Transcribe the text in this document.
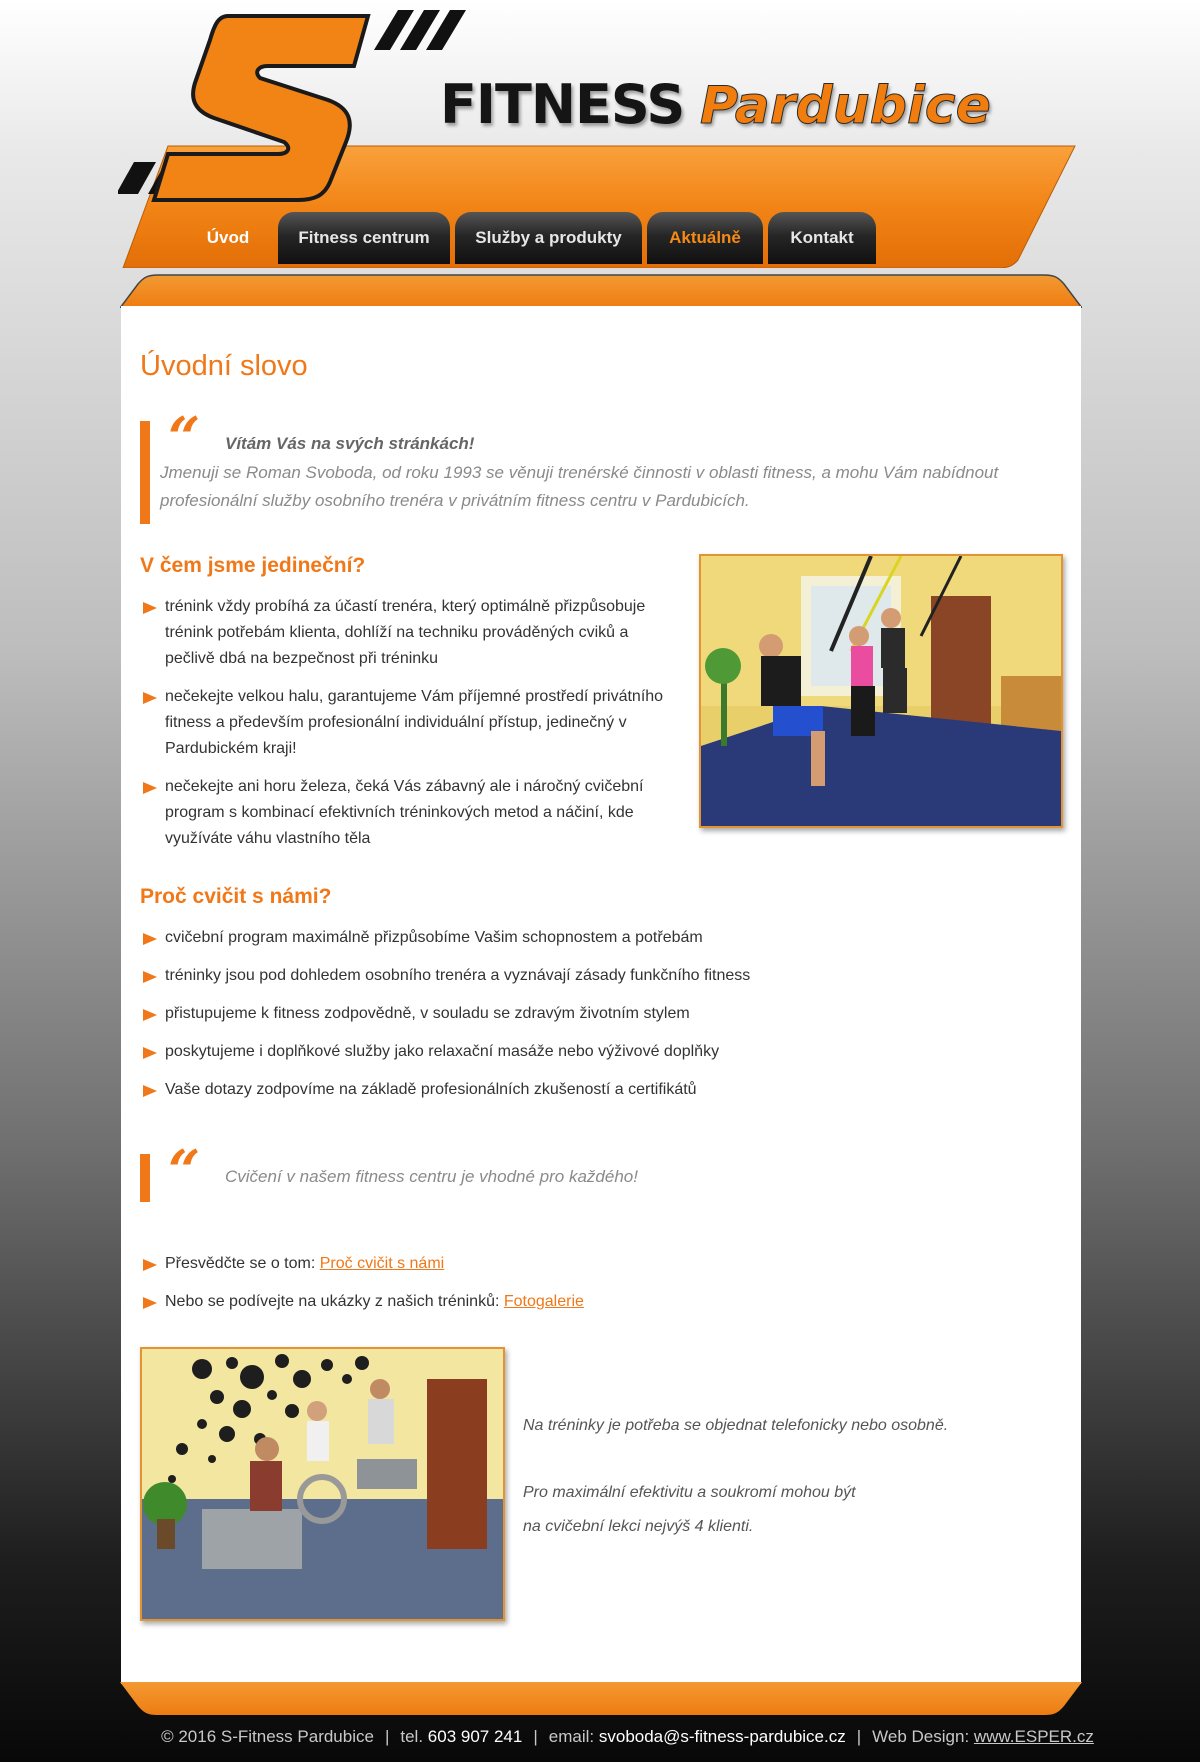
FITNESS Pardubice
Úvod	Fitness centrum	Služby a produkty	Aktuálně	Kontakt
Úvodní slovo
“ Vítám Vás na svých stránkách!
Jmenuji se Roman Svoboda, od roku 1993 se věnuji trenérské činnosti v oblasti fitness, a mohu Vám nabídnout profesionální služby osobního trenéra v privátním fitness centru v Pardubicích.
V čem jsme jedineční?
trénink vždy probíhá za účastí trenéra, který optimálně přizpůsobuje trénink potřebám klienta, dohlíží na techniku prováděných cviků a pečlivě dbá na bezpečnost při tréninku
nečekejte velkou halu, garantujeme Vám příjemné prostředí privátního fitness a především profesionální individuální přístup, jedinečný v Pardubickém kraji!
nečekejte ani horu železa, čeká Vás zábavný ale i náročný cvičební program s kombinací efektivních tréninkových metod a náčiní, kde využíváte váhu vlastního těla
Proč cvičit s námi?
cvičební program maximálně přizpůsobíme Vašim schopnostem a potřebám
tréninky jsou pod dohledem osobního trenéra a vyznávají zásady funkčního fitness
přistupujeme k fitness zodpovědně, v souladu se zdravým životním stylem
poskytujeme i doplňkové služby jako relaxační masáže nebo výživové doplňky
Vaše dotazy zodpovíme na základě profesionálních zkušeností a certifikátů
“ Cvičení v našem fitness centru je vhodné pro každého!
Přesvědčte se o tom: Proč cvičit s námi
Nebo se podívejte na ukázky z našich tréninků: Fotogalerie
Na tréninky je potřeba se objednat telefonicky nebo osobně.
Pro maximální efektivitu a soukromí mohou být
na cvičební lekci nejvýš 4 klienti.
© 2016 S-Fitness Pardubice | tel. 603 907 241 | email: svoboda@s-fitness-pardubice.cz | Web Design: www.ESPER.cz
